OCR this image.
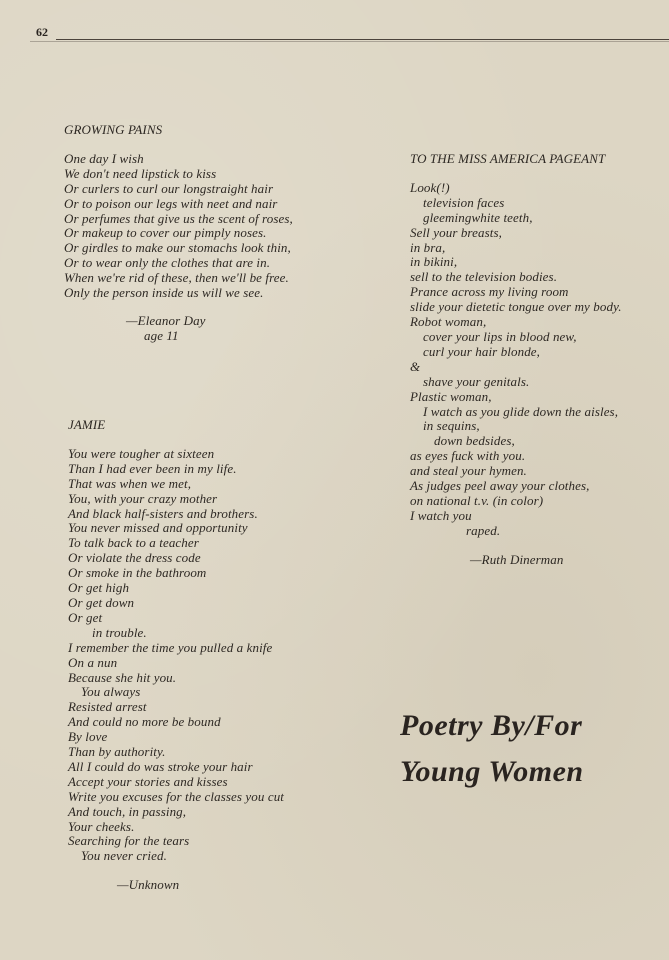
62
GROWING PAINS
One day I wish
We don't need lipstick to kiss
Or curlers to curl our longstraight hair
Or to poison our legs with neet and nair
Or perfumes that give us the scent of roses,
Or makeup to cover our pimply noses.
Or girdles to make our stomachs look thin,
Or to wear only the clothes that are in.
When we're rid of these, then we'll be free.
Only the person inside us will we see.
—Eleanor Day
age 11
JAMIE
You were tougher at sixteen
Than I had ever been in my life.
That was when we met,
You, with your crazy mother
And black half-sisters and brothers.
You never missed and opportunity
To talk back to a teacher
Or violate the dress code
Or smoke in the bathroom
Or get high
Or get down
Or get
in trouble.
I remember the time you pulled a knife
On a nun
Because she hit you.
You always
Resisted arrest
And could no more be bound
By love
Than by authority.
All I could do was stroke your hair
Accept your stories and kisses
Write you excuses for the classes you cut
And touch, in passing,
Your cheeks.
Searching for the tears
You never cried.
—Unknown
TO THE MISS AMERICA PAGEANT
Look(!)
television faces
gleemingwhite teeth,
Sell your breasts,
in bra,
in bikini,
sell to the television bodies.
Prance across my living room
slide your dietetic tongue over my body.
Robot woman,
cover your lips in blood new,
curl your hair blonde,
&
shave your genitals.
Plastic woman,
I watch as you glide down the aisles,
in sequins,
down bedsides,
as eyes fuck with you.
and steal your hymen.
As judges peel away your clothes,
on national t.v. (in color)
I watch you
raped.
—Ruth Dinerman
Poetry By/For
Young Women
